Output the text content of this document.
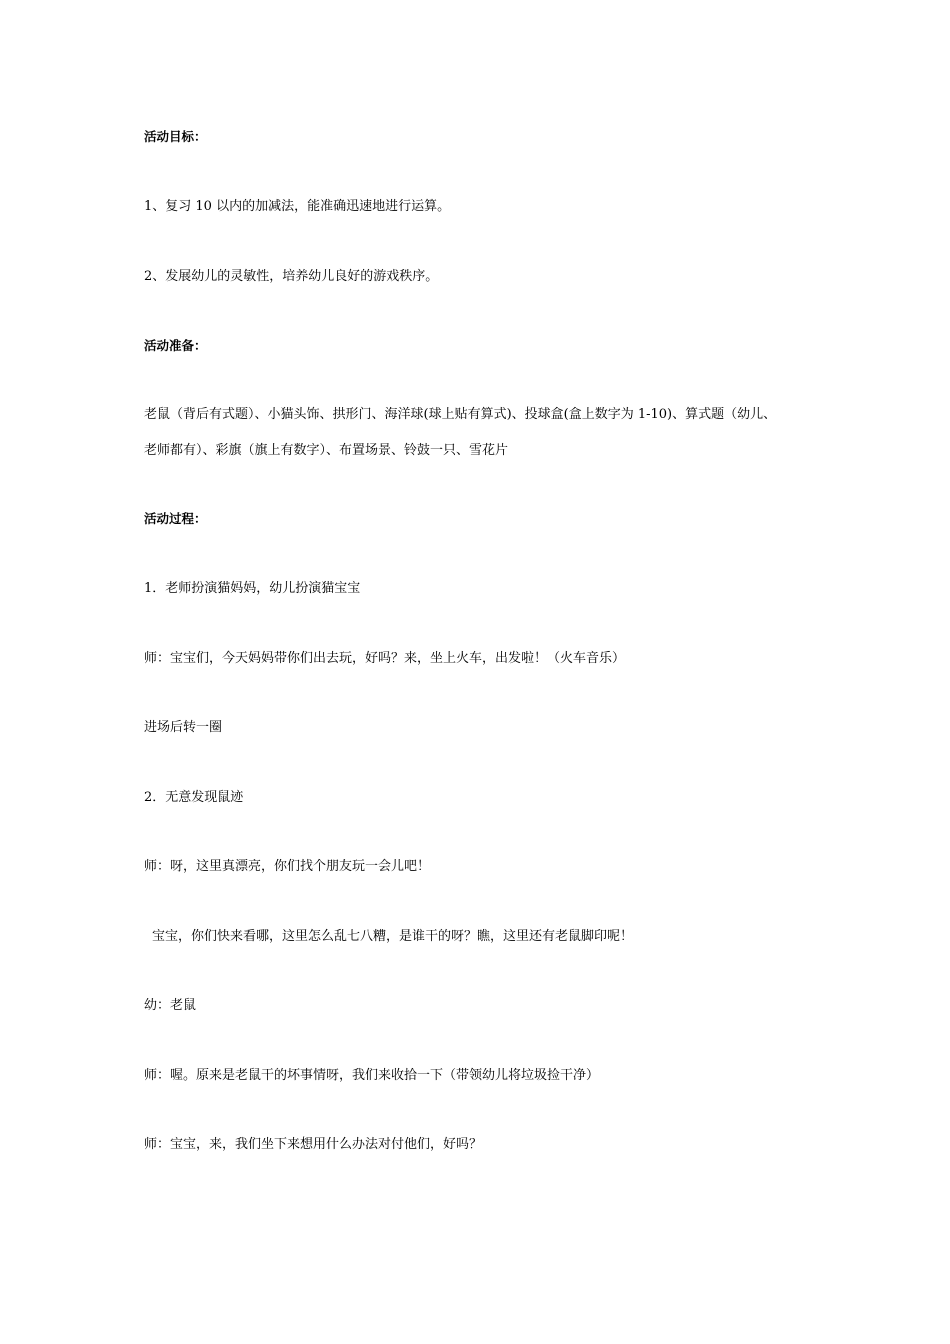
活动目标：
1、复习 10 以内的加减法，能准确迅速地进行运算。
2、发展幼儿的灵敏性，培养幼儿良好的游戏秩序。
活动准备：
老鼠（背后有式题）、小猫头饰、拱形门、海洋球(球上贴有算式)、投球盒(盒上数字为 1-10)、算式题（幼儿、
老师都有）、彩旗（旗上有数字）、布置场景、铃鼓一只、雪花片
活动过程：
1．老师扮演猫妈妈，幼儿扮演猫宝宝
师：宝宝们，今天妈妈带你们出去玩，好吗？来，坐上火车，出发啦！（火车音乐）
进场后转一圈
2．无意发现鼠迹
师：呀，这里真漂亮，你们找个朋友玩一会儿吧！
宝宝，你们快来看哪，这里怎么乱七八糟，是谁干的呀？瞧，这里还有老鼠脚印呢！
幼：老鼠
师：喔。原来是老鼠干的坏事情呀，我们来收拾一下（带领幼儿将垃圾捡干净）
师：宝宝，来，我们坐下来想用什么办法对付他们，好吗？
